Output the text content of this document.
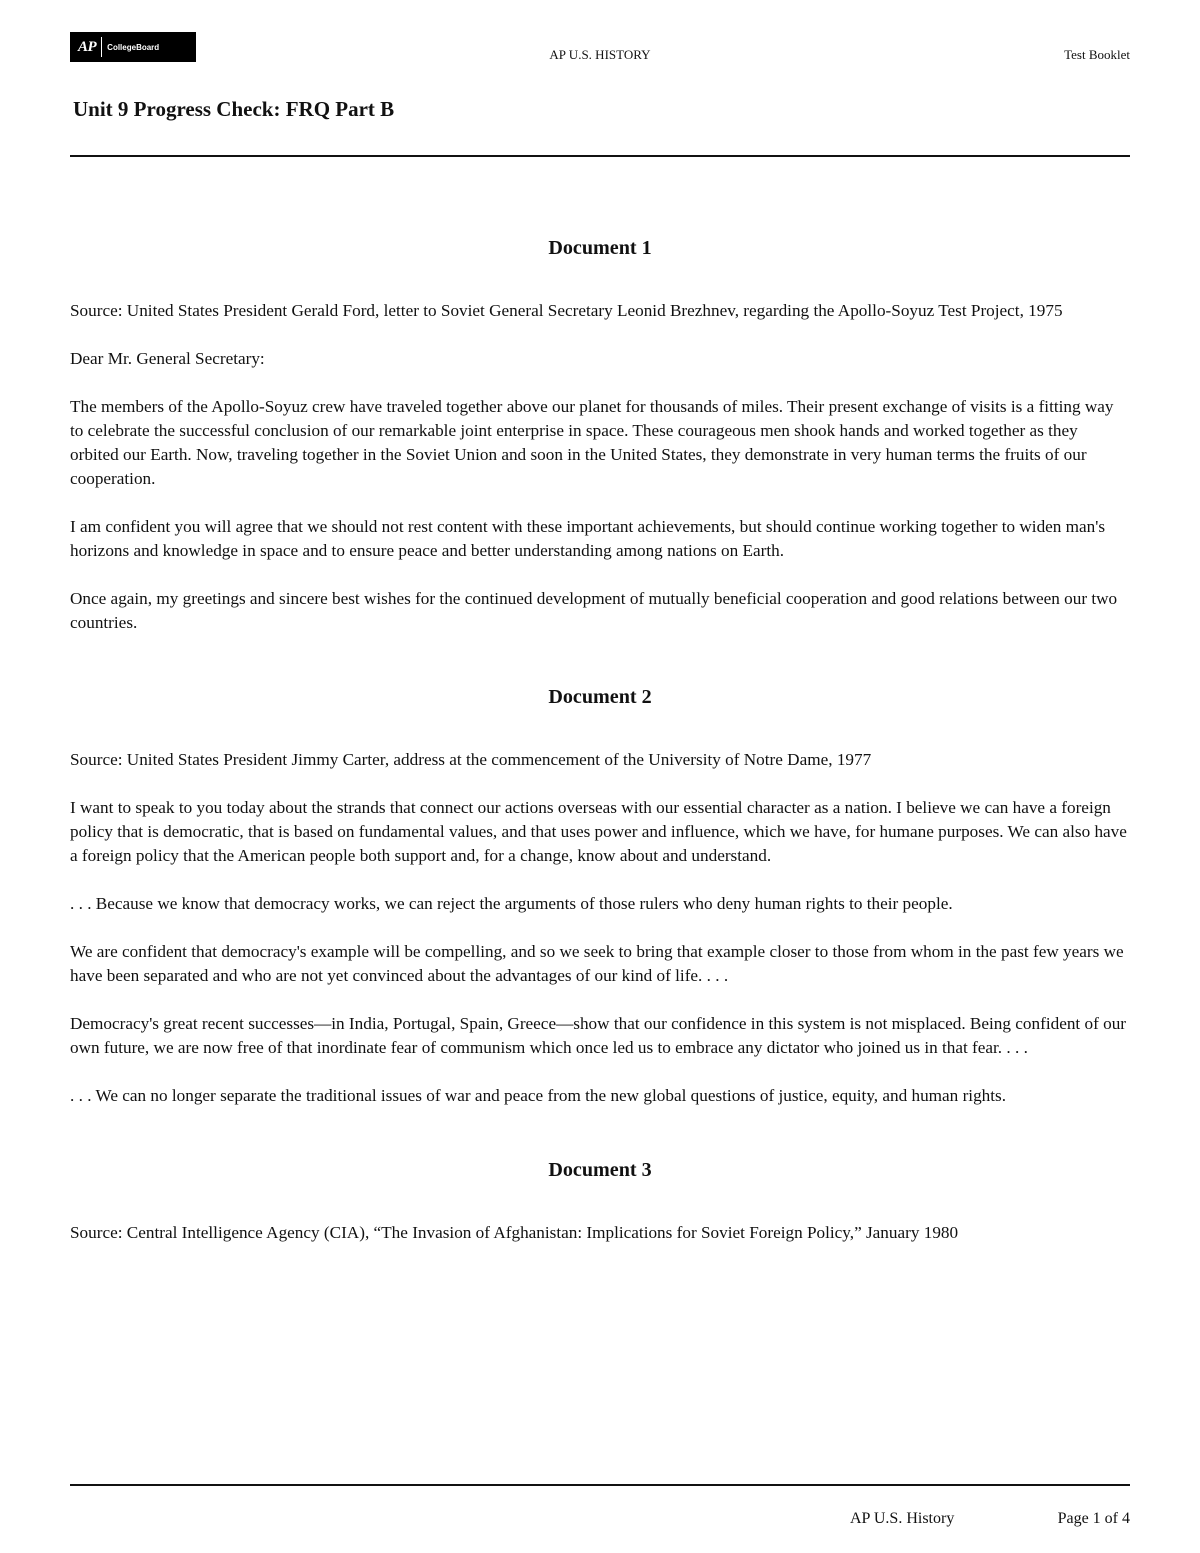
AP CollegeBoard	AP U.S. HISTORY	Test Booklet
Unit 9 Progress Check: FRQ Part B
Document 1

Source: United States President Gerald Ford, letter to Soviet General Secretary Leonid Brezhnev, regarding the Apollo-Soyuz Test Project, 1975

Dear Mr. General Secretary:

The members of the Apollo-Soyuz crew have traveled together above our planet for thousands of miles. Their present exchange of visits is a fitting way to celebrate the successful conclusion of our remarkable joint enterprise in space. These courageous men shook hands and worked together as they orbited our Earth. Now, traveling together in the Soviet Union and soon in the United States, they demonstrate in very human terms the fruits of our cooperation.

I am confident you will agree that we should not rest content with these important achievements, but should continue working together to widen man's horizons and knowledge in space and to ensure peace and better understanding among nations on Earth.

Once again, my greetings and sincere best wishes for the continued development of mutually beneficial cooperation and good relations between our two countries.

Document 2

Source: United States President Jimmy Carter, address at the commencement of the University of Notre Dame, 1977

I want to speak to you today about the strands that connect our actions overseas with our essential character as a nation. I believe we can have a foreign policy that is democratic, that is based on fundamental values, and that uses power and influence, which we have, for humane purposes. We can also have a foreign policy that the American people both support and, for a change, know about and understand.

. . . Because we know that democracy works, we can reject the arguments of those rulers who deny human rights to their people.

We are confident that democracy's example will be compelling, and so we seek to bring that example closer to those from whom in the past few years we have been separated and who are not yet convinced about the advantages of our kind of life. . . .

Democracy's great recent successes—in India, Portugal, Spain, Greece—show that our confidence in this system is not misplaced. Being confident of our own future, we are now free of that inordinate fear of communism which once led us to embrace any dictator who joined us in that fear. . . .

. . . We can no longer separate the traditional issues of war and peace from the new global questions of justice, equity, and human rights.

Document 3

Source: Central Intelligence Agency (CIA), “The Invasion of Afghanistan: Implications for Soviet Foreign Policy,” January 1980

AP U.S. History	Page 1 of 4
